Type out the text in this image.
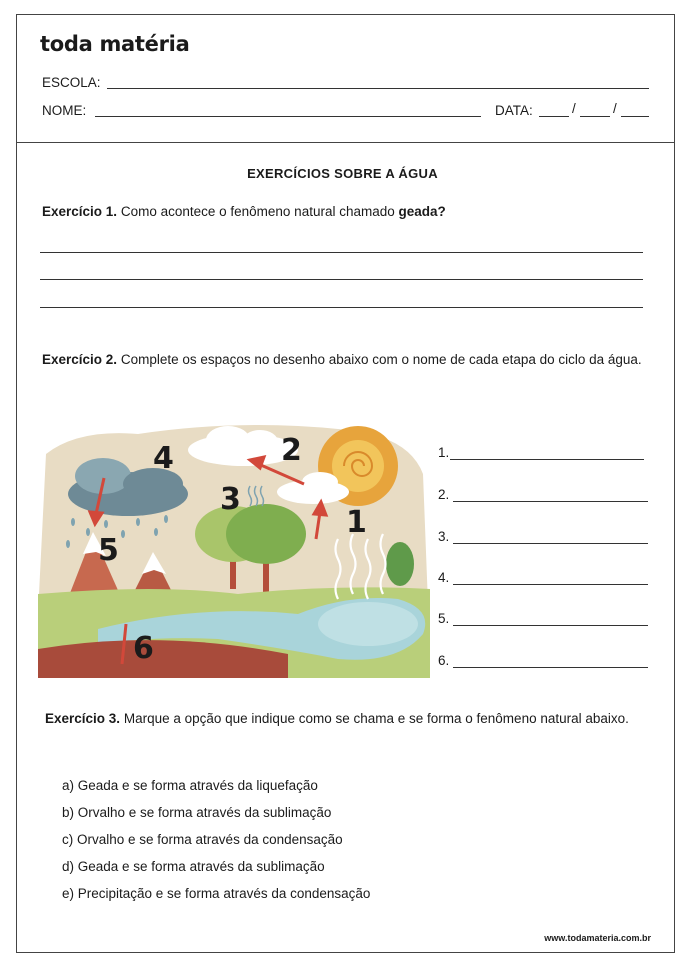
toda matéria
ESCOLA:
NOME:	DATA:	/	/
EXERCÍCIOS SOBRE A ÁGUA
Exercício 1. Como acontece o fenômeno natural chamado geada?
Exercício 2. Complete os espaços no desenho abaixo com o nome de cada etapa do ciclo da água.
4	2
3
1
5
6
1.
2.
3.
4.
5.
6.
Exercício 3. Marque a opção que indique como se chama e se forma o fenômeno natural abaixo.
a) Geada e se forma através da liquefação
b) Orvalho e se forma através da sublimação
c) Orvalho e se forma através da condensação
d) Geada e se forma através da sublimação
e) Precipitação e se forma através da condensação
www.todamateria.com.br
